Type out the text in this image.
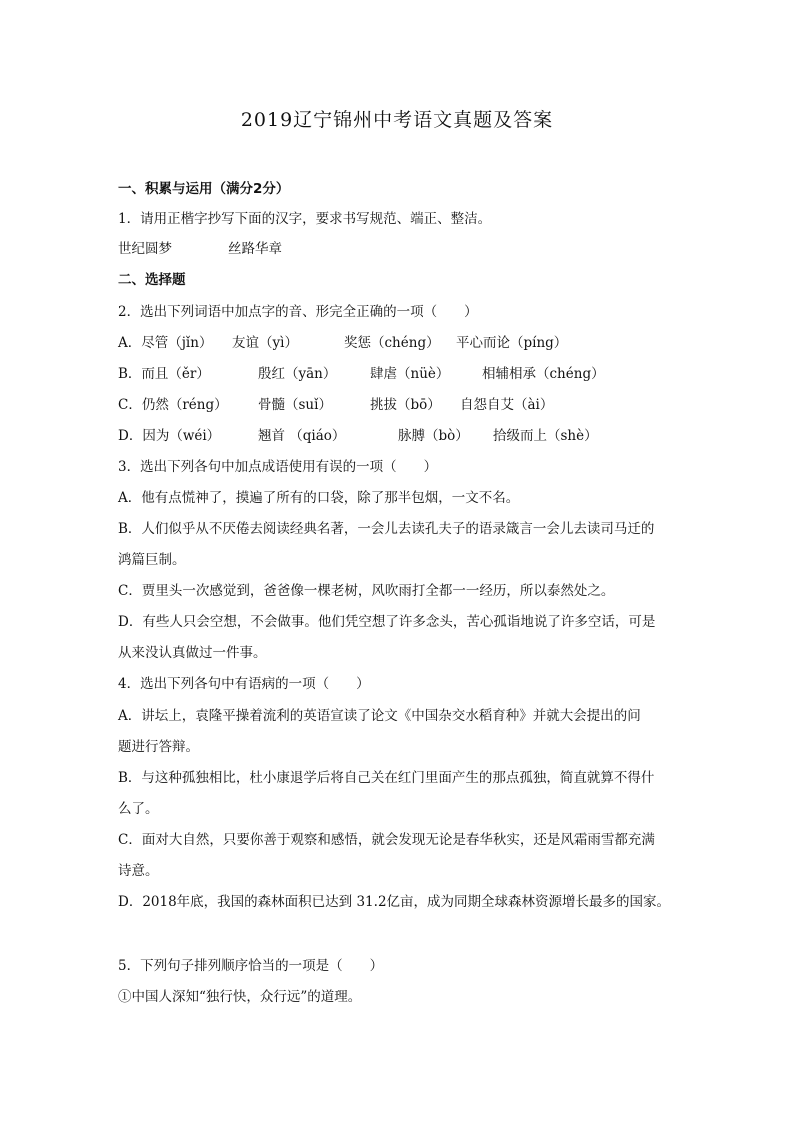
2019辽宁锦州中考语文真题及答案
一、积累与运用（满分2分）
1．请用正楷字抄写下面的汉字，要求书写规范、端正、整洁。
世纪圆梦	丝路华章
二、选择题
2．选出下列词语中加点字的音、形完全正确的一项（　　）
A．尽管（jǐn） 友谊（yì）	奖惩（chéng） 平心而论（píng）
B．而且（ěr）	殷红（yān） 肆虐（nüè） 相辅相承（chéng）
C．仍然（réng） 骨髓（suǐ）	挑拔（bō） 自怨自艾（ài）
D．因为（wéi）	翘首 （qiáo）	脉膊（bò） 拾级而上（shè）
3．选出下列各句中加点成语使用有误的一项（　　）
A．他有点慌神了，摸遍了所有的口袋，除了那半包烟，一文不名。
B．人们似乎从不厌倦去阅读经典名著，一会儿去读孔夫子的语录箴言一会儿去读司马迁的
鸿篇巨制。
C．贾里头一次感觉到，爸爸像一棵老树，风吹雨打全都一一经历，所以泰然处之。
D．有些人只会空想，不会做事。他们凭空想了许多念头，苦心孤诣地说了许多空话，可是
从来没认真做过一件事。
4．选出下列各句中有语病的一项（　　）
A．讲坛上，袁隆平操着流利的英语宣读了论文《中国杂交水稻育种》并就大会提出的问
题进行答辩。
B．与这种孤独相比，杜小康退学后将自己关在红门里面产生的那点孤独，简直就算不得什
么了。
C．面对大自然，只要你善于观察和感悟，就会发现无论是春华秋实，还是风霜雨雪都充满
诗意。
D．2018年底，我国的森林面积已达到 31.2亿亩，成为同期全球森林资源增长最多的国家。
5．下列句子排列顺序恰当的一项是（　　）
①中国人深知“独行快，众行远”的道理。
